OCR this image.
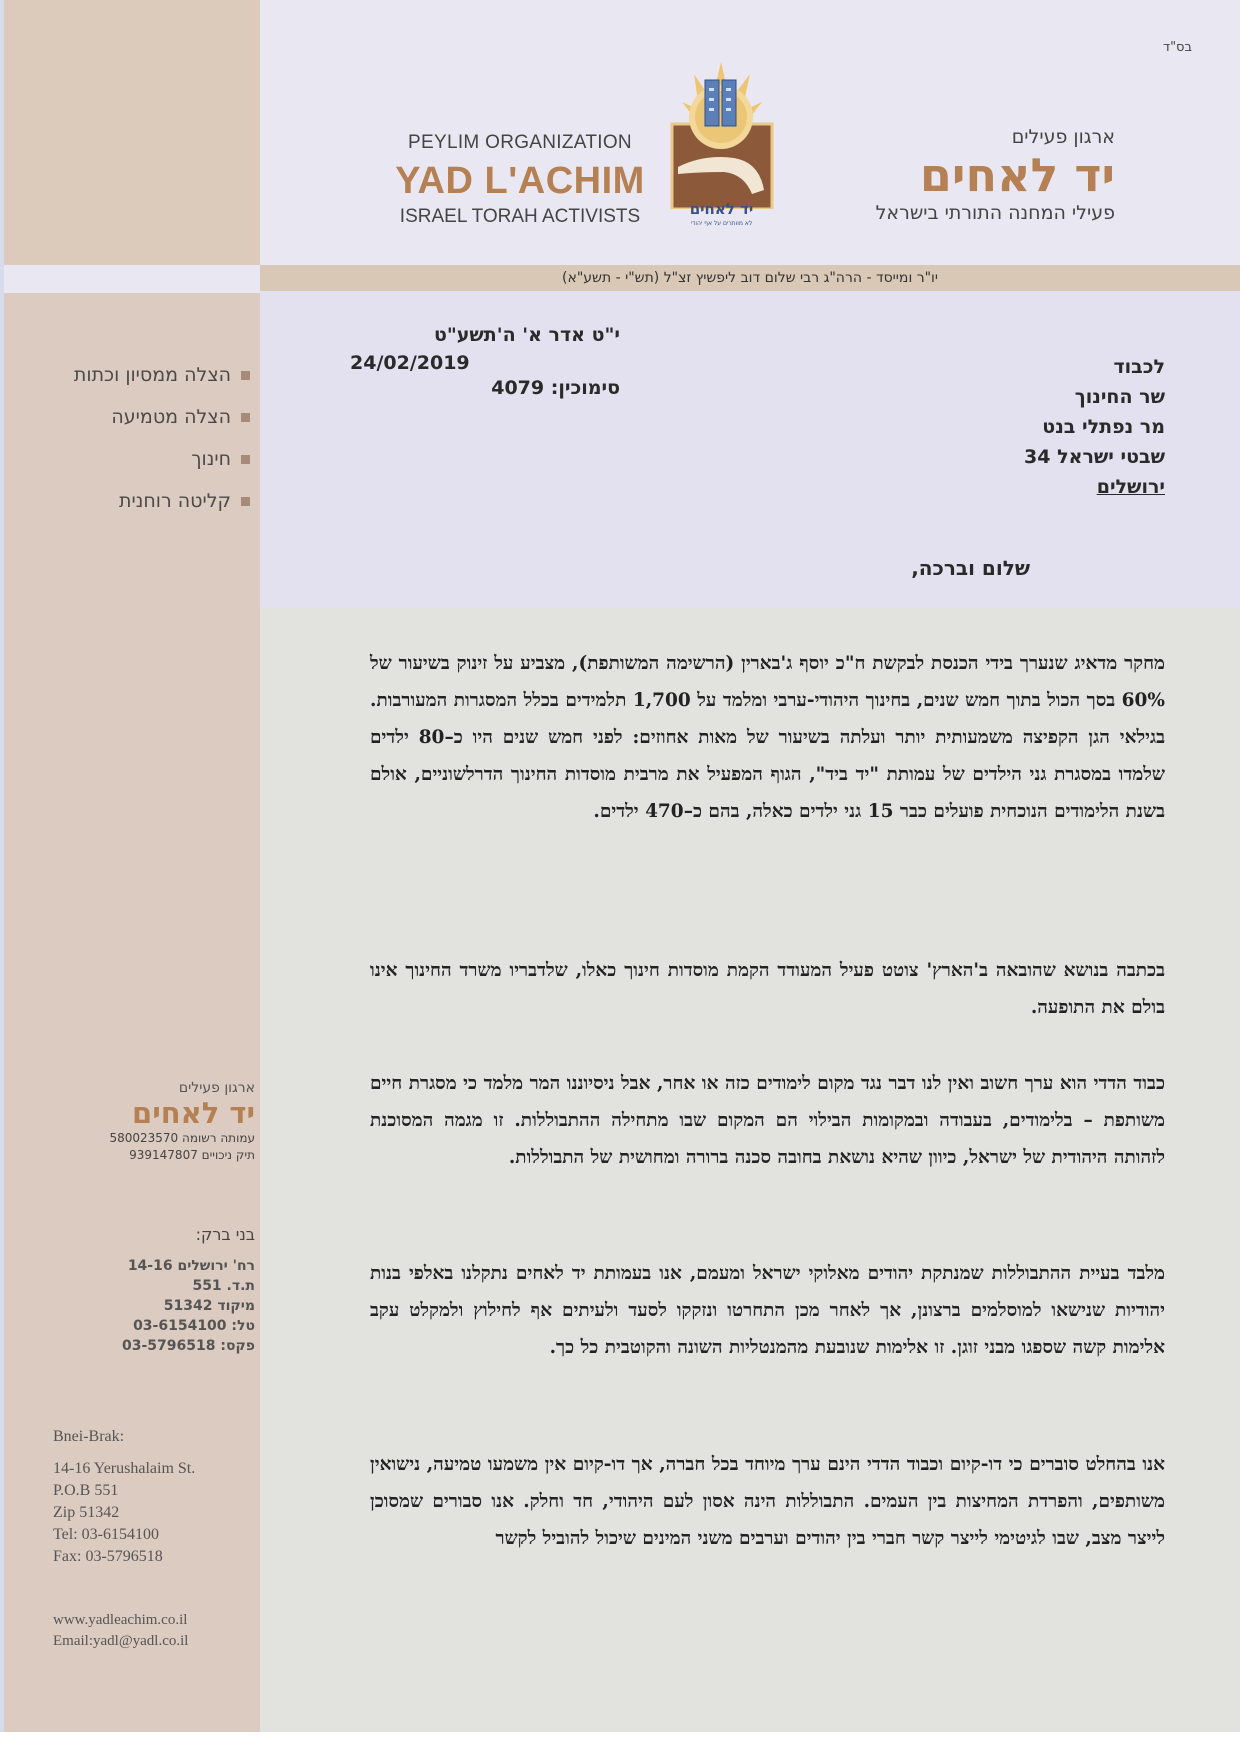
בס"ד
PEYLIM ORGANIZATION
YAD L'ACHIM
ISRAEL TORAH ACTIVISTS	יד לאחים
לא מוותרים על אף יהודי
ארגון פעילים
יד לאחים
פעילי המחנה התורתי בישראל
יו"ר ומייסד - הרה"ג רבי שלום דוב ליפשיץ זצ"ל (תש"י - תשע"א)
הצלה ממסיון וכתות
הצלה מטמיעה
חינוך
קליטה רוחנית
ארגון פעילים
יד לאחים
עמותה רשומה 580023570
תיק ניכויים 939147807
בני ברק:
רח' ירושלים 14-16
ת.ד. 551
מיקוד 51342
טל: 03-6154100
פקס: 03-5796518
Bnei-Brak:
14-16 Yerushalaim St.
P.O.B 551
Zip 51342
Tel: 03-6154100
Fax: 03-5796518
www.yadleachim.co.il
Email:yadl@yadl.co.il
י"ט אדר א' ה'תשע"ט
24/02/2019
סימוכין: 4079
לכבוד
שר החינוך
מר נפתלי בנט
שבטי ישראל 34
ירושלים
שלום וברכה,

מחקר מדאיג שנערך בידי הכנסת לבקשת ח"כ יוסף ג'בארין (הרשימה המשותפת), מצביע על זינוק בשיעור של 60% בסך הכול בתוך חמש שנים, בחינוך היהודי-ערבי ומלמד על 1,700 תלמידים בכלל המסגרות המעורבות. בגילאי הגן הקפיצה משמעותית יותר ועלתה בשיעור של מאות אחוזים: לפני חמש שנים היו כ–80 ילדים שלמדו במסגרת גני הילדים של עמותת "יד ביד", הגוף המפעיל את מרבית מוסדות החינוך הדרלשוניים, אולם בשנת הלימודים הנוכחית פועלים כבר 15 גני ילדים כאלה, בהם כ–470 ילדים.

בכתבה בנושא שהובאה ב'הארץ' צוטט פעיל המעודד הקמת מוסדות חינוך כאלו, שלדבריו משרד החינוך אינו בולם את התופעה.

כבוד הדדי הוא ערך חשוב ואין לנו דבר נגד מקום לימודים כזה או אחר, אבל ניסיוננו המר מלמד כי מסגרת חיים משותפת – בלימודים, בעבודה ובמקומות הבילוי הם המקום שבו מתחילה ההתבוללות. זו מגמה המסוכנת לזהותה היהודית של ישראל, כיוון שהיא נושאת בחובה סכנה ברורה ומחושית של התבוללות.

מלבד בעיית ההתבוללות שמנתקת יהודים מאלוקי ישראל ומעמם, אנו בעמותת יד לאחים נתקלנו באלפי בנות יהודיות שנישאו למוסלמים ברצונן, אך לאחר מכן התחרטו ונזקקו לסעד ולעיתים אף לחילוץ ולמקלט עקב אלימות קשה שספגו מבני זוגן. זו אלימות שנובעת מהמנטליות השונה והקוטבית כל כך.

אנו בהחלט סוברים כי דו-קיום וכבוד הדדי הינם ערך מיוחד בכל חברה, אך דו-קיום אין משמעו טמיעה, נישואין משותפים, והפרדת המחיצות בין העמים. התבוללות הינה אסון לעם היהודי, חד וחלק. אנו סבורים שמסוכן לייצר מצב, שבו לגיטימי לייצר קשר חברי בין יהודים וערבים משני המינים שיכול להוביל לקשר
